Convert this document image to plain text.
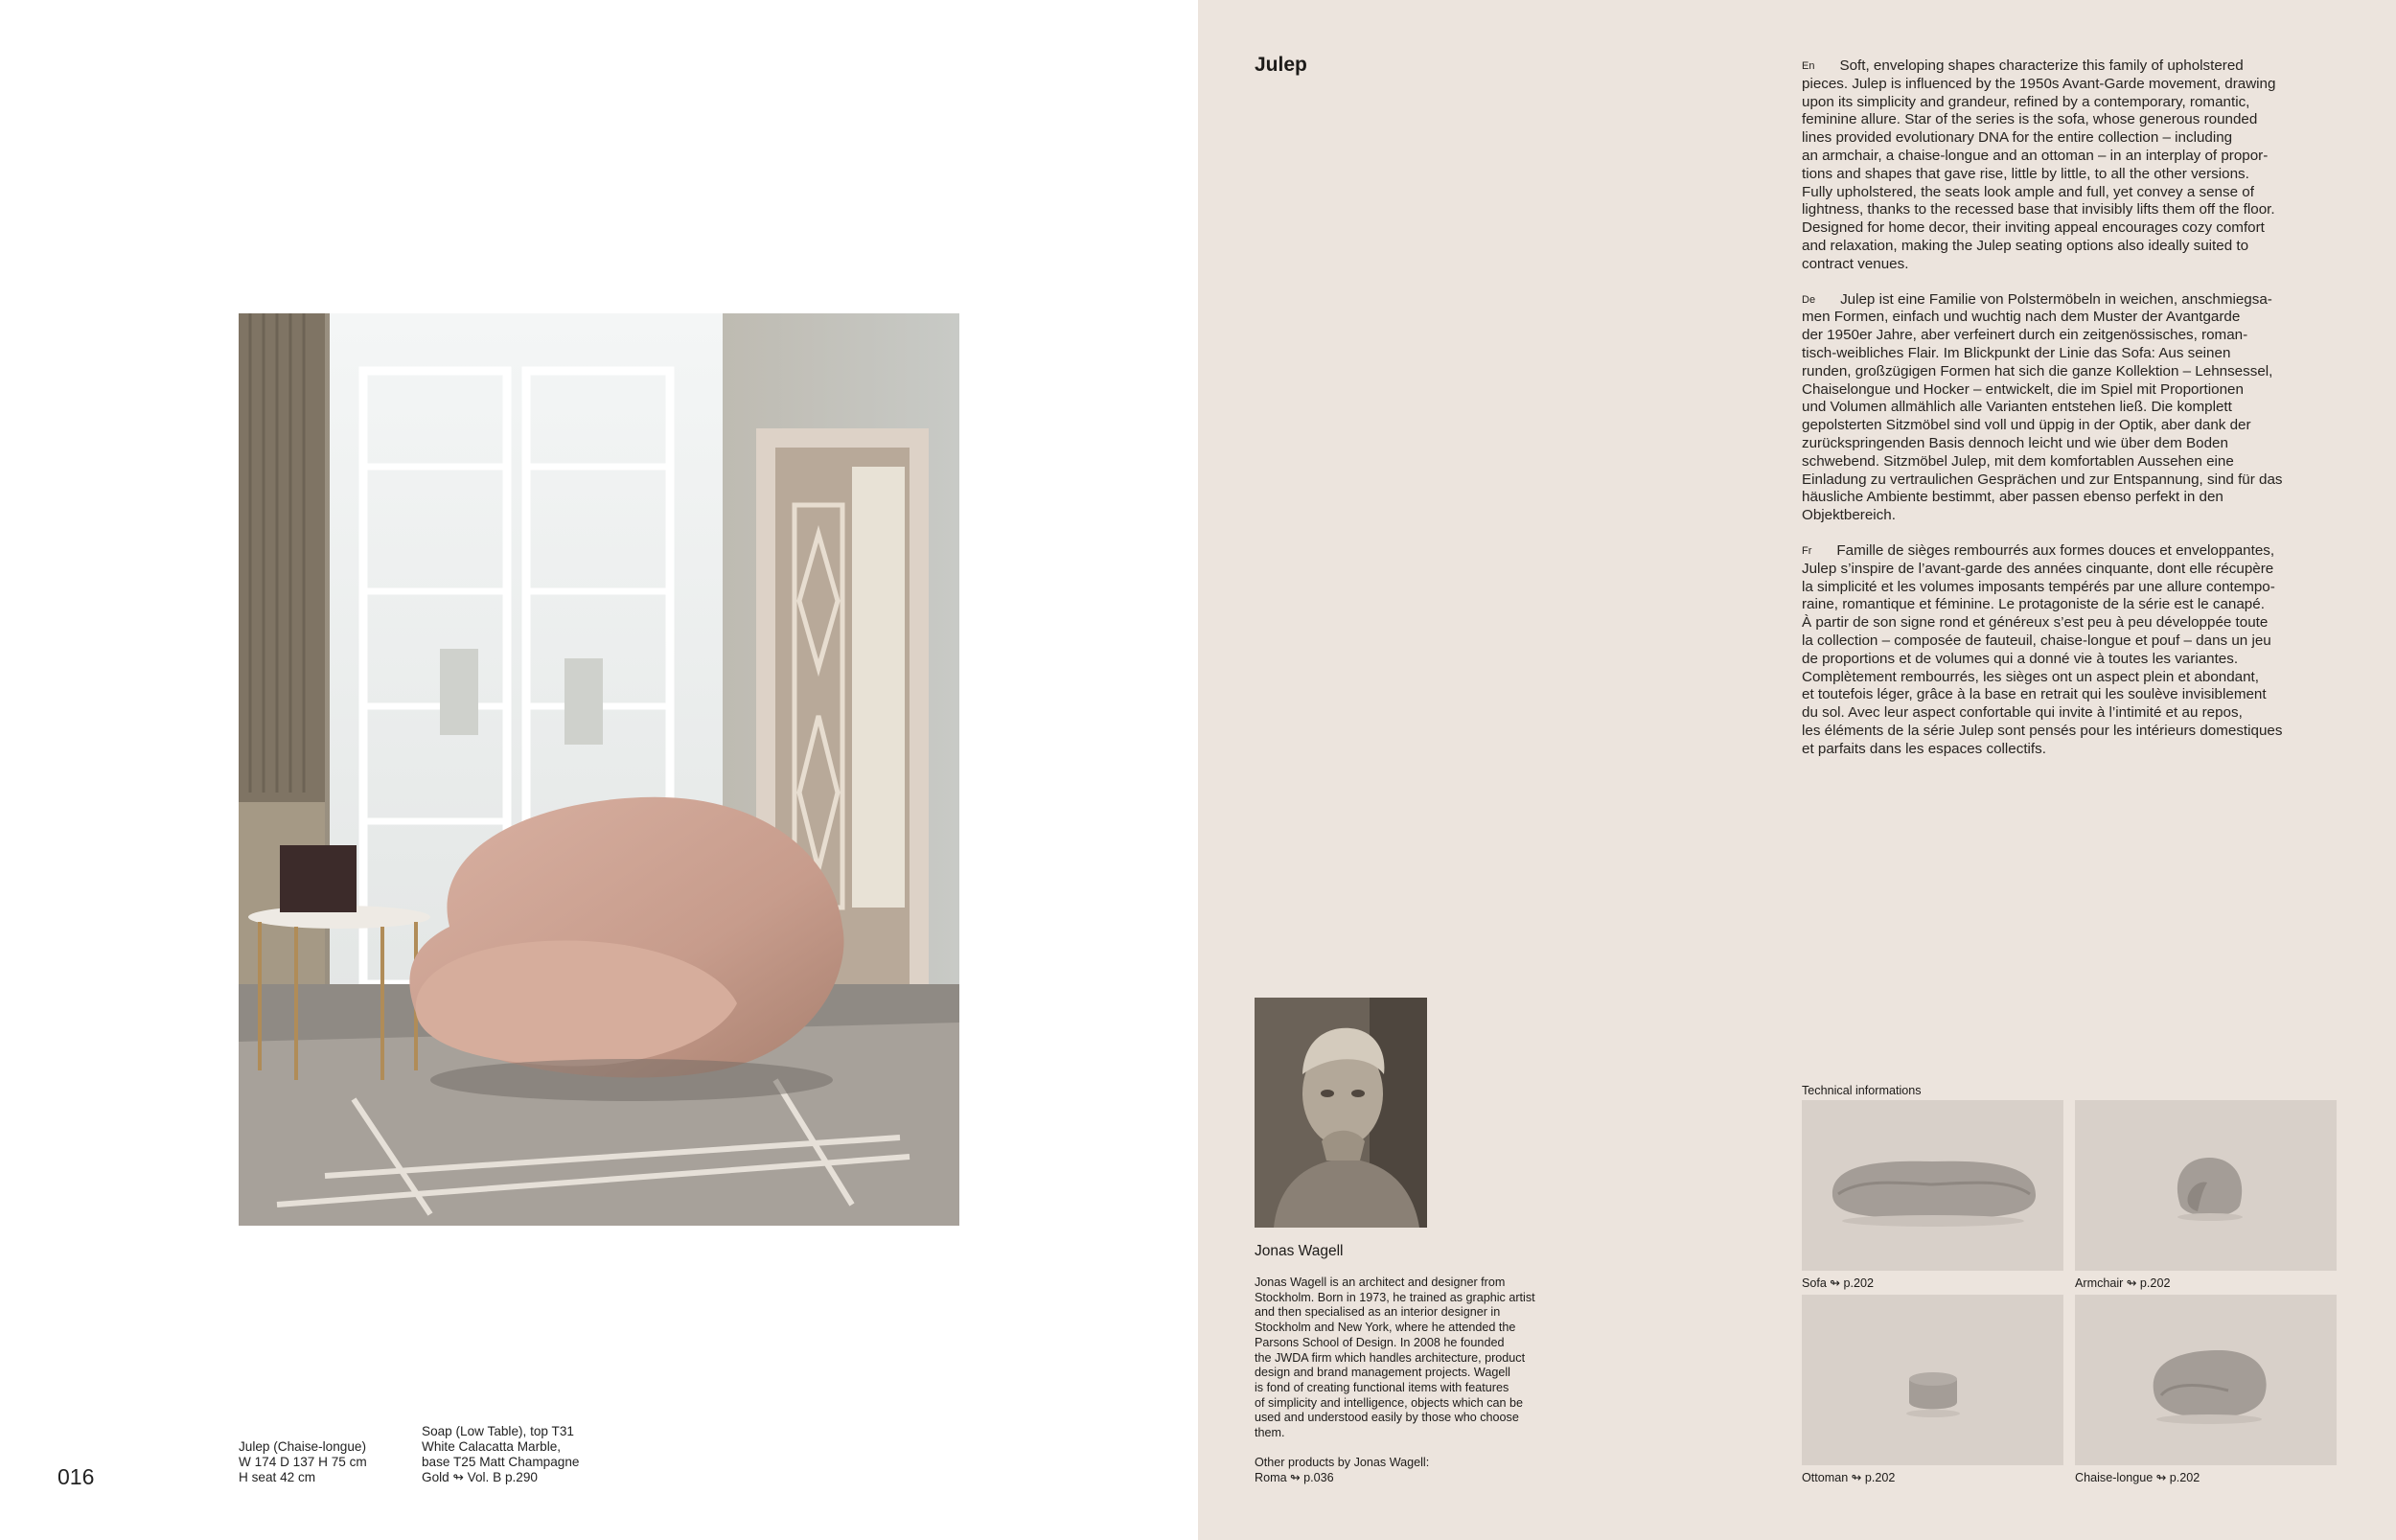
Julep (Chaise-longue)
W 174 D 137 H 75 cm
H seat 42 cm
Soap (Low Table), top T31
White Calacatta Marble,
base T25 Matt Champagne
Gold ↬ Vol. B p.290
016
Julep	En Soft, enveloping shapes characterize this family of upholstered
pieces. Julep is influenced by the 1950s Avant-Garde movement, drawing
upon its simplicity and grandeur, refined by a contemporary, romantic,
feminine allure. Star of the series is the sofa, whose generous rounded
lines provided evolutionary DNA for the entire collection – including
an armchair, a chaise-longue and an ottoman – in an interplay of propor-
tions and shapes that gave rise, little by little, to all the other versions.
Fully upholstered, the seats look ample and full, yet convey a sense of
lightness, thanks to the recessed base that invisibly lifts them off the floor.
Designed for home decor, their inviting appeal encourages cozy comfort
and relaxation, making the Julep seating options also ideally suited to
contract venues.

De Julep ist eine Familie von Polstermöbeln in weichen, anschmiegsa-
men Formen, einfach und wuchtig nach dem Muster der Avantgarde
der 1950er Jahre, aber verfeinert durch ein zeitgenössisches, roman-
tisch-weibliches Flair. Im Blickpunkt der Linie das Sofa: Aus seinen
runden, großzügigen Formen hat sich die ganze Kollektion – Lehnsessel,
Chaiselongue und Hocker – entwickelt, die im Spiel mit Proportionen
und Volumen allmählich alle Varianten entstehen ließ. Die komplett
gepolsterten Sitzmöbel sind voll und üppig in der Optik, aber dank der
zurückspringenden Basis dennoch leicht und wie über dem Boden
schwebend. Sitzmöbel Julep, mit dem komfortablen Aussehen eine
Einladung zu vertraulichen Gesprächen und zur Entspannung, sind für das
häusliche Ambiente bestimmt, aber passen ebenso perfekt in den
Objektbereich.

Fr Famille de sièges rembourrés aux formes douces et enveloppantes,
Julep s’inspire de l’avant-garde des années cinquante, dont elle récupère
la simplicité et les volumes imposants tempérés par une allure contempo-
raine, romantique et féminine. Le protagoniste de la série est le canapé.
À partir de son signe rond et généreux s’est peu à peu développée toute
la collection – composée de fauteuil, chaise-longue et pouf – dans un jeu
de proportions et de volumes qui a donné vie à toutes les variantes.
Complètement rembourrés, les sièges ont un aspect plein et abondant,
et toutefois léger, grâce à la base en retrait qui les soulève invisiblement
du sol. Avec leur aspect confortable qui invite à l’intimité et au repos,
les éléments de la série Julep sont pensés pour les intérieurs domestiques
et parfaits dans les espaces collectifs.

Jonas Wagell
Jonas Wagell is an architect and designer from
Stockholm. Born in 1973, he trained as graphic artist
and then specialised as an interior designer in
Stockholm and New York, where he attended the
Parsons School of Design. In 2008 he founded
the JWDA firm which handles architecture, product
design and brand management projects. Wagell
is fond of creating functional items with features
of simplicity and intelligence, objects which can be
used and understood easily by those who choose
them.
Other products by Jonas Wagell:
Roma ↬ p.036
Technical informations
Sofa ↬ p.202	Armchair ↬ p.202
Ottoman ↬ p.202	Chaise-longue ↬ p.202
